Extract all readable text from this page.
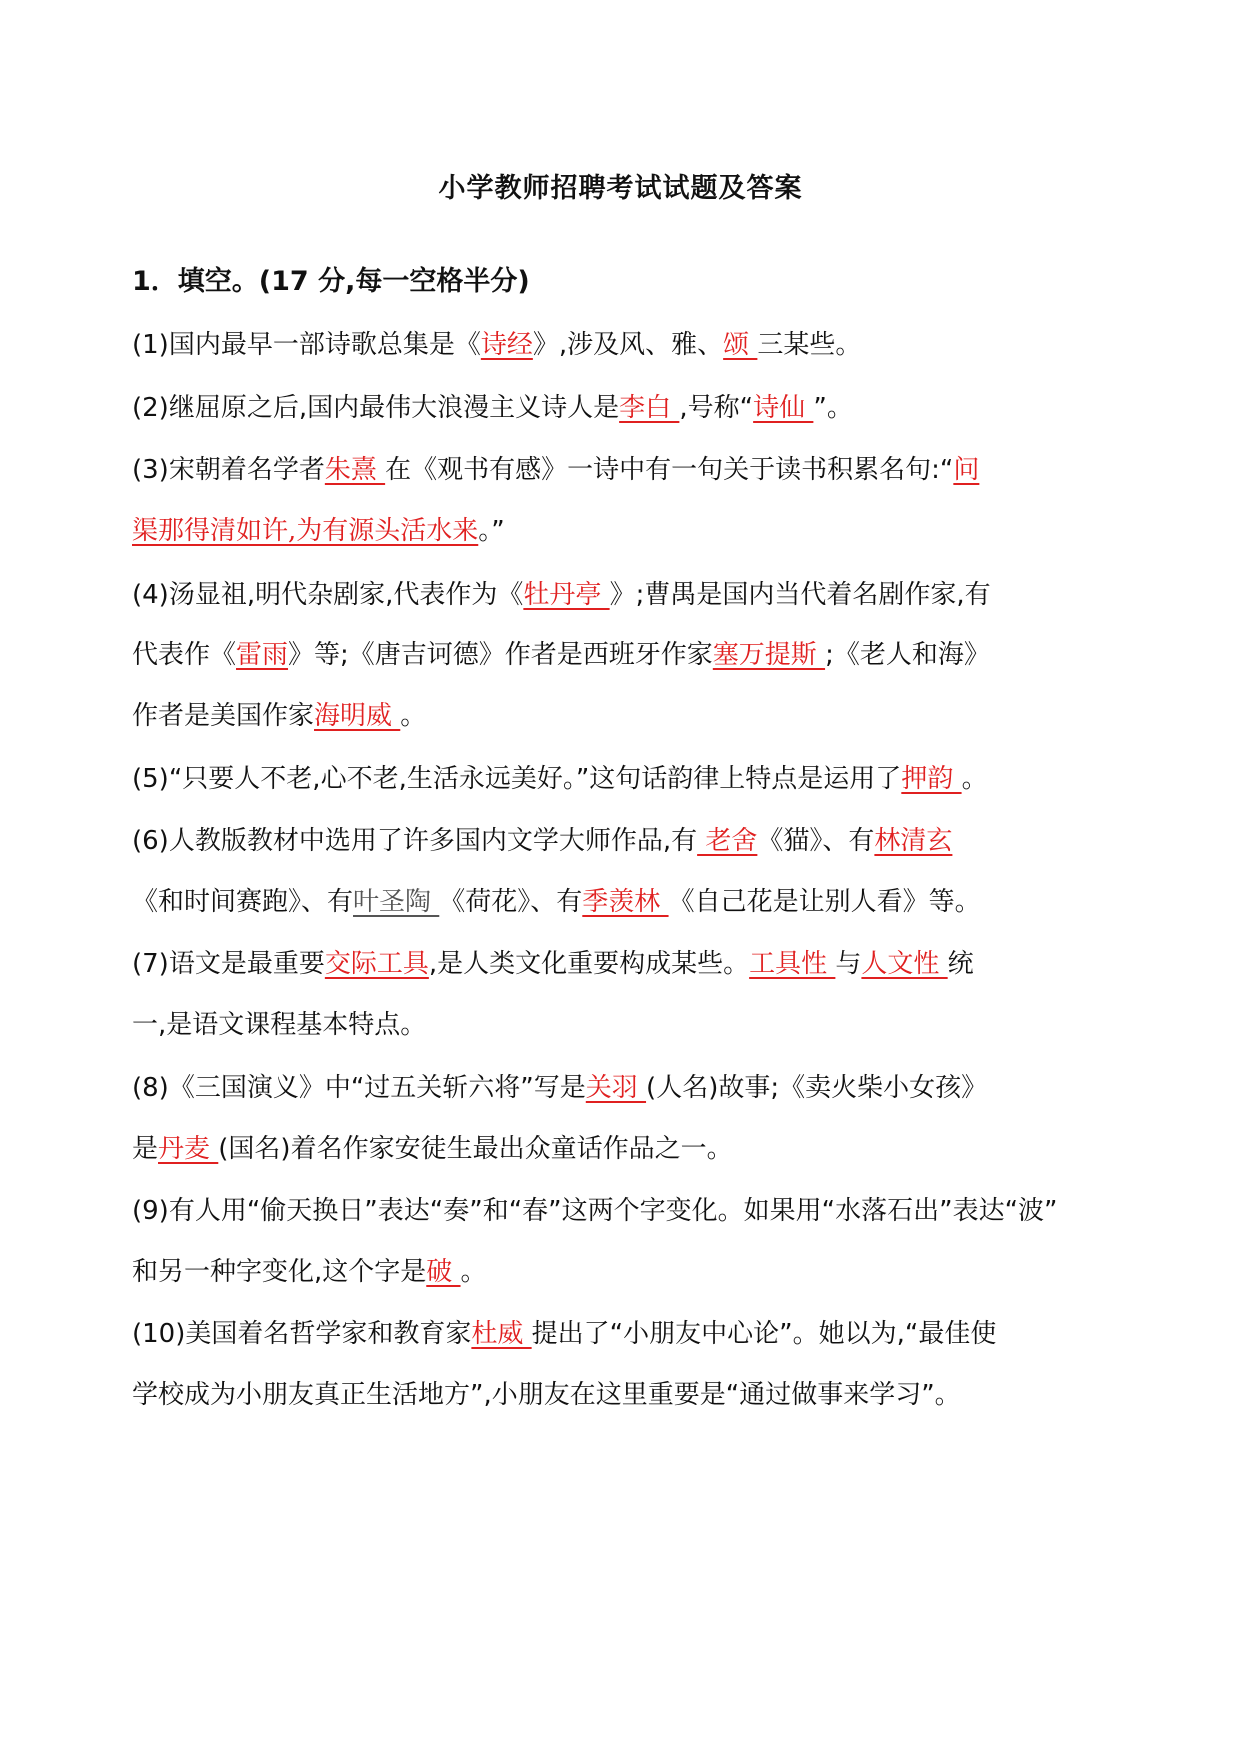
小学教师招聘考试试题及答案
1．填空。(17 分,每一空格半分)
(1)国内最早一部诗歌总集是《诗经》,涉及风、雅、颂 三某些。
(2)继屈原之后,国内最伟大浪漫主义诗人是李白 ,号称“诗仙 ”。
(3)宋朝着名学者朱熹 在《观书有感》一诗中有一句关于读书积累名句:“问
渠那得清如许,为有源头活水来。”
(4)汤显祖,明代杂剧家,代表作为《牡丹亭 》;曹禺是国内当代着名剧作家,有
代表作《雷雨》等;《唐吉诃德》作者是西班牙作家塞万提斯 ;《老人和海》
作者是美国作家海明威 。
(5)“只要人不老,心不老,生活永远美好。”这句话韵律上特点是运用了押韵 。
(6)人教版教材中选用了许多国内文学大师作品,有 老舍《猫》、有林清玄
《和时间赛跑》、有叶圣陶 《荷花》、有季羡林 《自己花是让别人看》等。
(7)语文是最重要交际工具,是人类文化重要构成某些。工具性 与人文性 统
一,是语文课程基本特点。
(8)《三国演义》中“过五关斩六将”写是关羽 (人名)故事;《卖火柴小女孩》
是丹麦 (国名)着名作家安徒生最出众童话作品之一。
(9)有人用“偷天换日”表达“奏”和“春”这两个字变化。如果用“水落石出”表达“波”
和另一种字变化,这个字是破 。
(10)美国着名哲学家和教育家杜威 提出了“小朋友中心论”。她以为,“最佳使
学校成为小朋友真正生活地方”,小朋友在这里重要是“通过做事来学习”。
